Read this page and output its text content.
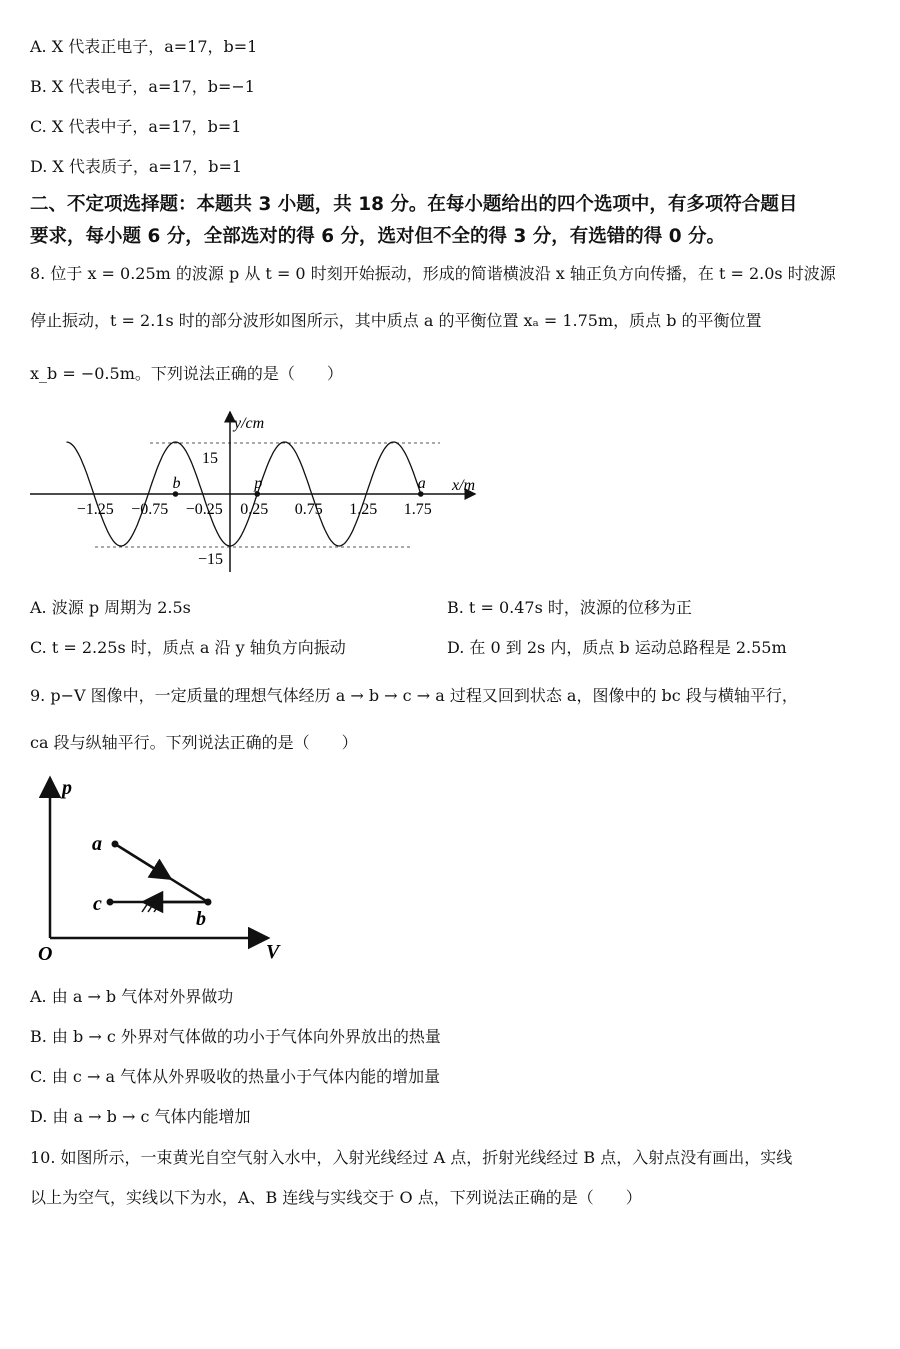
A. X 代表正电子，a=17，b=1
B. X 代表电子，a=17，b=−1
C. X 代表中子，a=17，b=1
D. X 代表质子，a=17，b=1
二、不定项选择题：本题共 3 小题，共 18 分。在每小题给出的四个选项中，有多项符合题目
要求，每小题 6 分，全部选对的得 6 分，选对但不全的得 3 分，有选错的得 0 分。
8. 位于 x = 0.25m 的波源 p 从 t = 0 时刻开始振动，形成的简谐横波沿 x 轴正负方向传播，在 t = 2.0s 时波源
停止振动，t = 2.1s 时的部分波形如图所示，其中质点 a 的平衡位置 xₐ = 1.75m，质点 b 的平衡位置
x_b = −0.5m。下列说法正确的是（　　）
y/cm
x/m
15
−15
−1.25 −0.75 −0.25 0.25 0.75 1.25 1.75
b	p	a
A. 波源 p 周期为 2.5s	B. t = 0.47s 时，波源的位移为正
C. t = 2.25s 时，质点 a 沿 y 轴负方向振动	D. 在 0 到 2s 内，质点 b 运动总路程是 2.55m
9. p−V 图像中，一定质量的理想气体经历 a → b → c → a 过程又回到状态 a，图像中的 bc 段与横轴平行，
ca 段与纵轴平行。下列说法正确的是（　　）
p
V
O
a
b
c
A. 由 a → b 气体对外界做功
B. 由 b → c 外界对气体做的功小于气体向外界放出的热量
C. 由 c → a 气体从外界吸收的热量小于气体内能的增加量
D. 由 a → b → c 气体内能增加
10. 如图所示，一束黄光自空气射入水中，入射光线经过 A 点，折射光线经过 B 点，入射点没有画出，实线
以上为空气，实线以下为水，A、B 连线与实线交于 O 点，下列说法正确的是（　　）
